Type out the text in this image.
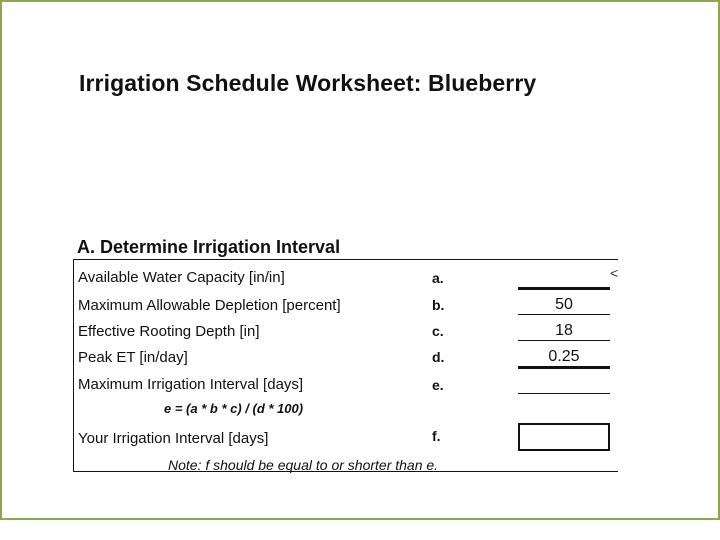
Irrigation Schedule Worksheet: Blueberry
A. Determine Irrigation Interval
<
Available Water Capacity [in/in]	a.
Maximum Allowable Depletion [percent]	b.	50
Effective Rooting Depth [in]	c.	18
Peak ET [in/day]	d.	0.25
Maximum Irrigation Interval [days]	e.
e = (a * b * c) / (d * 100)
Your Irrigation Interval [days]	f.
Note: f should be equal to or shorter than e.
